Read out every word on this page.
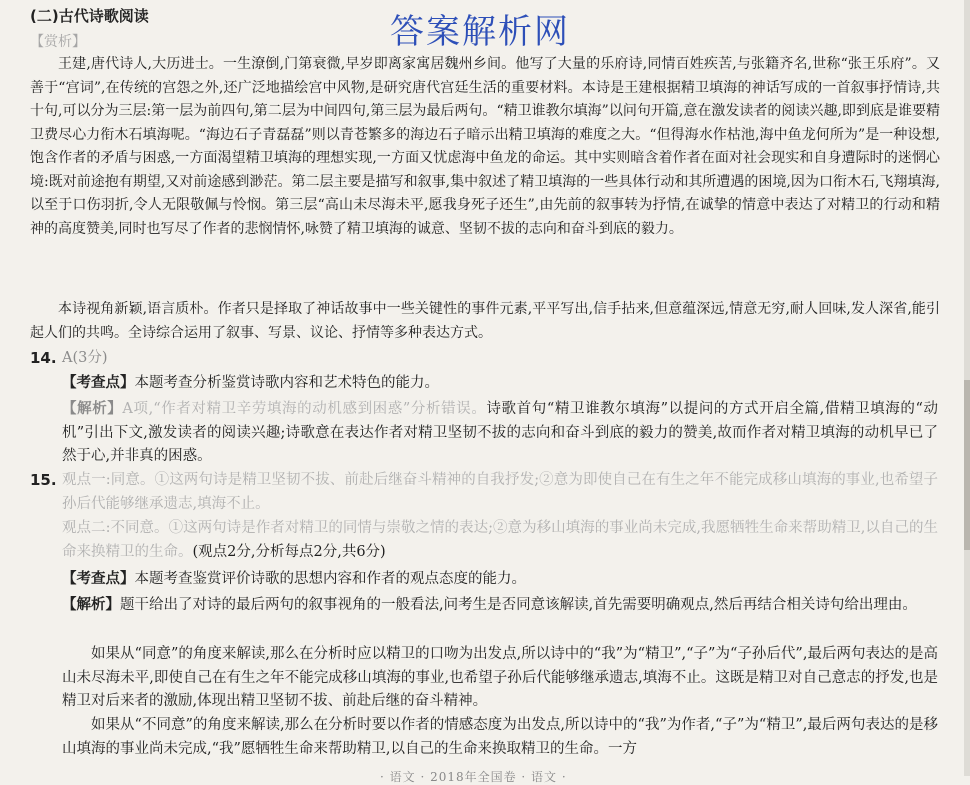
(二)古代诗歌阅读	答案解析网
【赏析】

王建,唐代诗人,大历进士。一生潦倒,门第衰微,早岁即离家寓居魏州乡间。他写了大量的乐府诗,同情百姓疾苦,与张籍齐名,世称“张王乐府”。又善于“宫词”,在传统的宫怨之外,还广泛地描绘宫中风物,是研究唐代宫廷生活的重要材料。本诗是王建根据精卫填海的神话写成的一首叙事抒情诗,共十句,可以分为三层:第一层为前四句,第二层为中间四句,第三层为最后两句。“精卫谁教尔填海”以问句开篇,意在激发读者的阅读兴趣,即到底是谁要精卫费尽心力衔木石填海呢。“海边石子青磊磊”则以青苍繁多的海边石子暗示出精卫填海的难度之大。“但得海水作枯池,海中鱼龙何所为”是一种设想,饱含作者的矛盾与困惑,一方面渴望精卫填海的理想实现,一方面又忧虑海中鱼龙的命运。其中实则暗含着作者在面对社会现实和自身遭际时的迷惘心境:既对前途抱有期望,又对前途感到渺茫。第二层主要是描写和叙事,集中叙述了精卫填海的一些具体行动和其所遭遇的困境,因为口衔木石,飞翔填海,以至于口伤羽折,令人无限敬佩与怜悯。第三层“高山未尽海未平,愿我身死子还生”,由先前的叙事转为抒情,在诚挚的情意中表达了对精卫的行动和精神的高度赞美,同时也写尽了作者的悲悯情怀,咏赞了精卫填海的诚意、坚韧不拔的志向和奋斗到底的毅力。

本诗视角新颖,语言质朴。作者只是择取了神话故事中一些关键性的事件元素,平平写出,信手拈来,但意蕴深远,情意无穷,耐人回味,发人深省,能引起人们的共鸣。全诗综合运用了叙事、写景、议论、抒情等多种表达方式。

14. A(3分)

【考查点】本题考查分析鉴赏诗歌内容和艺术特色的能力。

【解析】A项,“作者对精卫辛劳填海的动机感到困惑”分析错误。诗歌首句“精卫谁教尔填海”以提问的方式开启全篇,借精卫填海的“动机”引出下文,激发读者的阅读兴趣;诗歌意在表达作者对精卫坚韧不拔的志向和奋斗到底的毅力的赞美,故而作者对精卫填海的动机早已了然于心,并非真的困惑。

15. 观点一:同意。①这两句诗是精卫坚韧不拔、前赴后继奋斗精神的自我抒发;②意为即使自己在有生之年不能完成移山填海的事业,也希望子孙后代能够继承遗志,填海不止。

观点二:不同意。①这两句诗是作者对精卫的同情与崇敬之情的表达;②意为移山填海的事业尚未完成,我愿牺牲生命来帮助精卫,以自己的生命来换精卫的生命。(观点2分,分析每点2分,共6分)

【考查点】本题考查鉴赏评价诗歌的思想内容和作者的观点态度的能力。

【解析】题干给出了对诗的最后两句的叙事视角的一般看法,问考生是否同意该解读,首先需要明确观点,然后再结合相关诗句给出理由。

如果从“同意”的角度来解读,那么在分析时应以精卫的口吻为出发点,所以诗中的“我”为“精卫”,“子”为“子孙后代”,最后两句表达的是高山未尽海未平,即使自己在有生之年不能完成移山填海的事业,也希望子孙后代能够继承遗志,填海不止。这既是精卫对自己意志的抒发,也是精卫对后来者的激励,体现出精卫坚韧不拔、前赴后继的奋斗精神。

如果从“不同意”的角度来解读,那么在分析时要以作者的情感态度为出发点,所以诗中的“我”为作者,“子”为“精卫”,最后两句表达的是移山填海的事业尚未完成,“我”愿牺牲生命来帮助精卫,以自己的生命来换取精卫的生命。一方

· 语文 · 2018年全国卷 · 语文 ·
